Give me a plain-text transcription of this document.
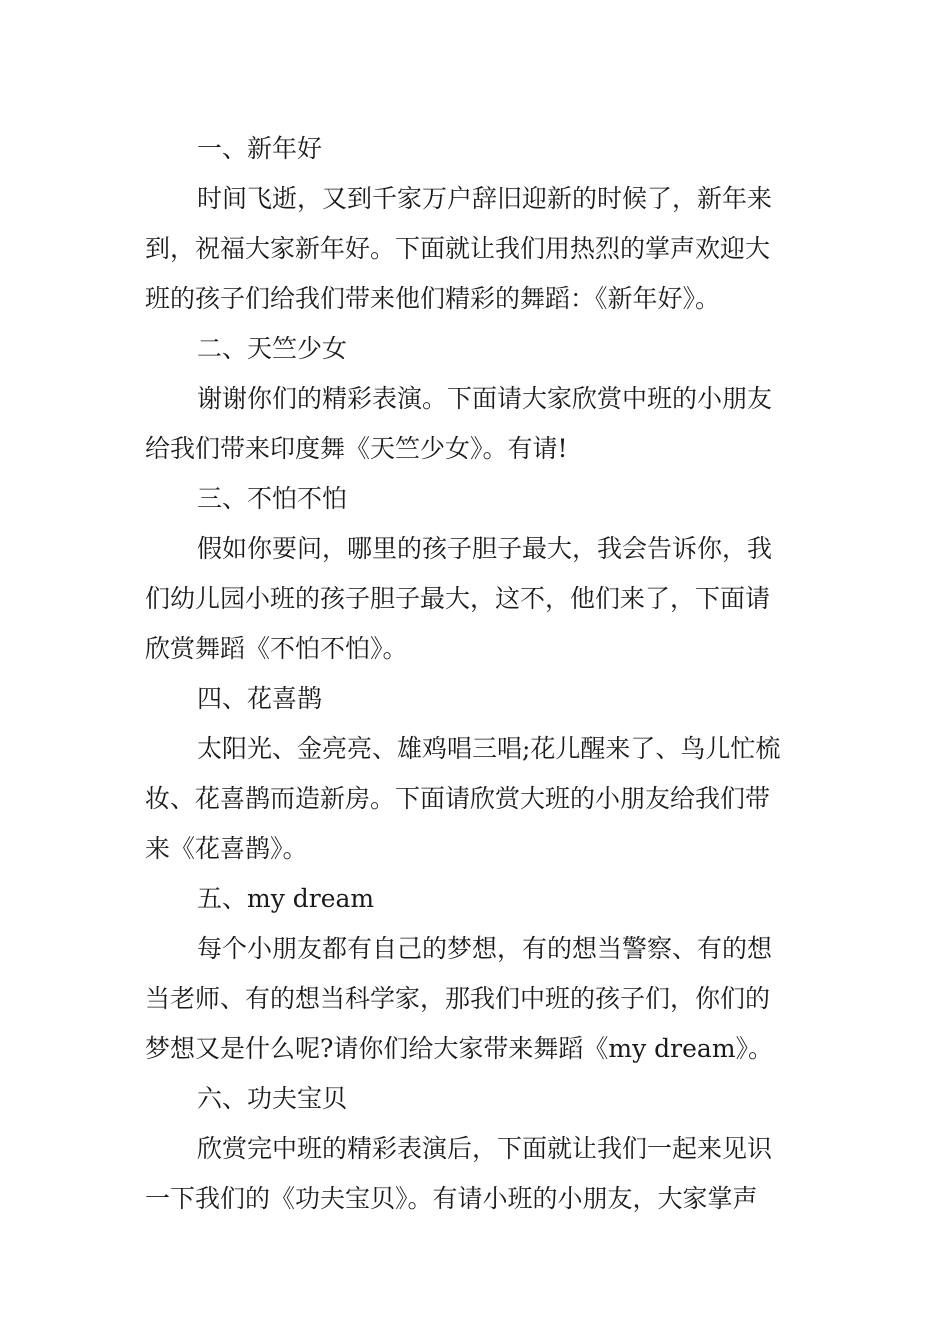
一、新年好
时间飞逝，又到千家万户辞旧迎新的时候了，新年来
到，祝福大家新年好。下面就让我们用热烈的掌声欢迎大
班的孩子们给我们带来他们精彩的舞蹈：《新年好》。
二、天竺少女
谢谢你们的精彩表演。下面请大家欣赏中班的小朋友
给我们带来印度舞《天竺少女》。有请!
三、不怕不怕
假如你要问，哪里的孩子胆子最大，我会告诉你，我
们幼儿园小班的孩子胆子最大，这不，他们来了，下面请
欣赏舞蹈《不怕不怕》。
四、花喜鹊
太阳光、金亮亮、雄鸡唱三唱;花儿醒来了、鸟儿忙梳
妆、花喜鹊而造新房。下面请欣赏大班的小朋友给我们带
来《花喜鹊》。
五、my dream
每个小朋友都有自己的梦想，有的想当警察、有的想
当老师、有的想当科学家，那我们中班的孩子们，你们的
梦想又是什么呢?请你们给大家带来舞蹈《my dream》。
六、功夫宝贝
欣赏完中班的精彩表演后，下面就让我们一起来见识
一下我们的《功夫宝贝》。有请小班的小朋友，大家掌声
